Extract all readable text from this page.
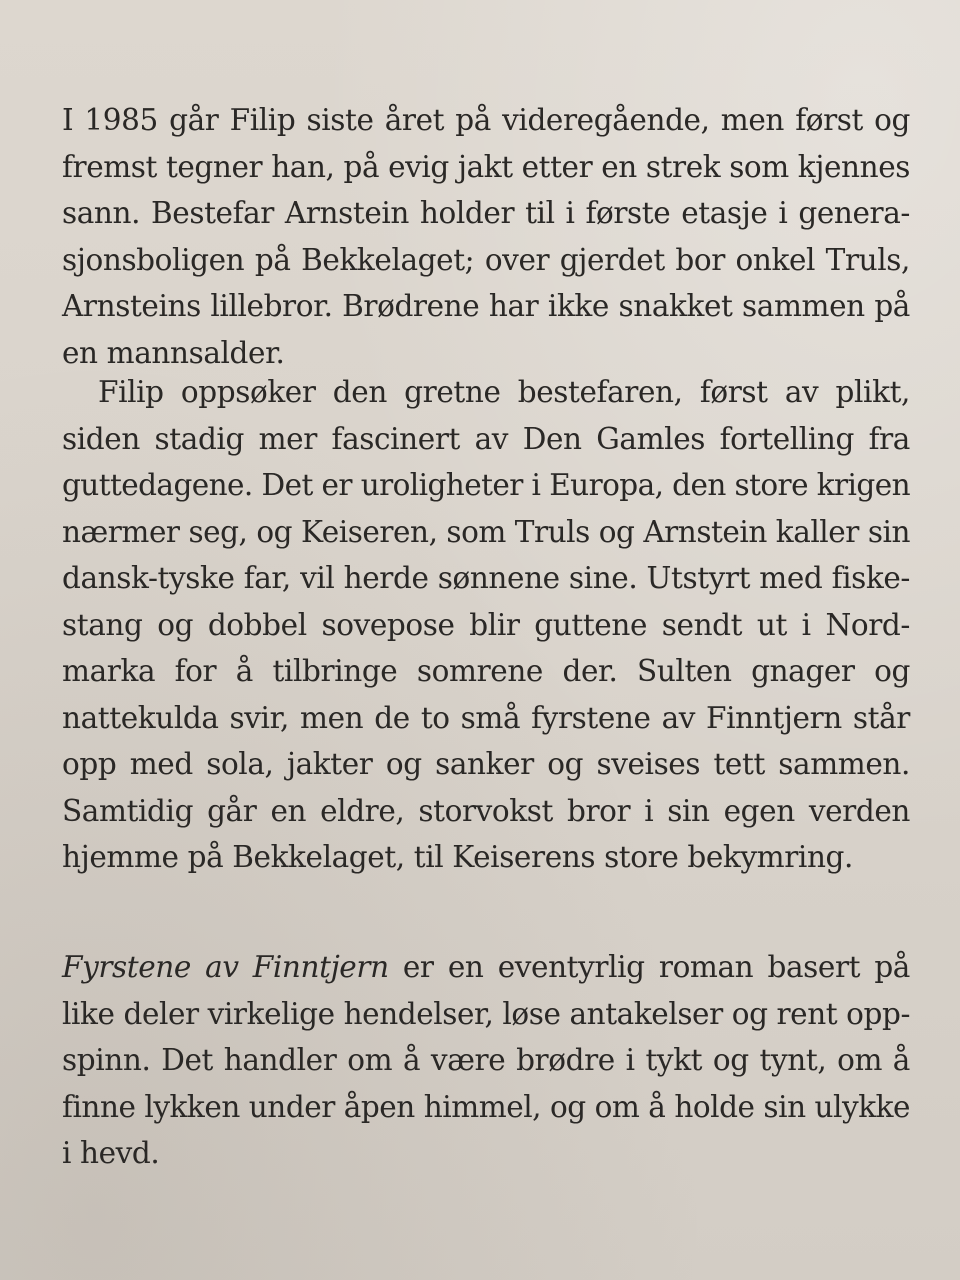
I 1985 går Filip siste året på videregående, men først og
fremst tegner han, på evig jakt etter en strek som kjennes
sann. Bestefar Arnstein holder til i første etasje i genera-
sjonsboligen på Bekkelaget; over gjerdet bor onkel Truls,
Arnsteins lillebror. Brødrene har ikke snakket sammen på
en mannsalder.
Filip oppsøker den gretne bestefaren, først av plikt,
siden stadig mer fascinert av Den Gamles fortelling fra
guttedagene. Det er uroligheter i Europa, den store krigen
nærmer seg, og Keiseren, som Truls og Arnstein kaller sin
dansk-tyske far, vil herde sønnene sine. Utstyrt med fiske-
stang og dobbel sovepose blir guttene sendt ut i Nord-
marka for å tilbringe somrene der. Sulten gnager og
nattekulda svir, men de to små fyrstene av Finntjern står
opp med sola, jakter og sanker og sveises tett sammen.
Samtidig går en eldre, storvokst bror i sin egen verden
hjemme på Bekkelaget, til Keiserens store bekymring.
Fyrstene av Finntjern er en eventyrlig roman basert på
like deler virkelige hendelser, løse antakelser og rent opp-
spinn. Det handler om å være brødre i tykt og tynt, om å
finne lykken under åpen himmel, og om å holde sin ulykke
i hevd.
